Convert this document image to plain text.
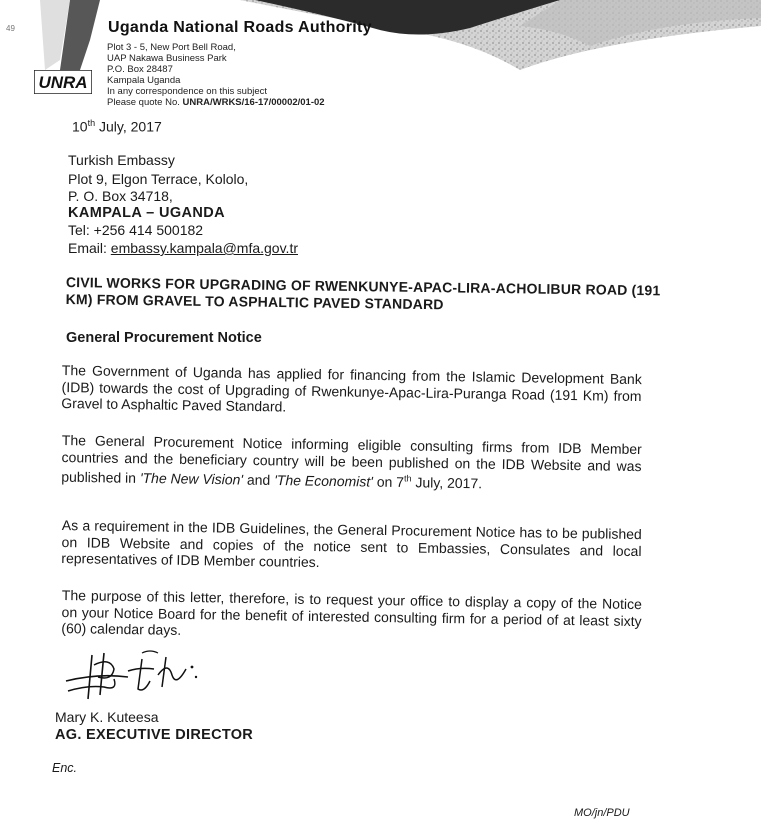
49	Uganda National Roads Authority
Plot 3 - 5, New Port Bell Road,
UAP Nakawa Business Park
P.O. Box 28487
Kampala Uganda
In any correspondence on this subject
Please quote No. UNRA/WRKS/16-17/00002/01-02
UNRA
10th July, 2017
Turkish Embassy
Plot 9, Elgon Terrace, Kololo,
P. O. Box 34718,
KAMPALA – UGANDA
Tel: +256 414 500182
Email: embassy.kampala@mfa.gov.tr
CIVIL WORKS FOR UPGRADING OF RWENKUNYE-APAC-LIRA-ACHOLIBUR ROAD (191 KM) FROM GRAVEL TO ASPHALTIC PAVED STANDARD
General Procurement Notice
The Government of Uganda has applied for financing from the Islamic Development Bank (IDB) towards the cost of Upgrading of Rwenkunye-Apac-Lira-Puranga Road (191 Km) from Gravel to Asphaltic Paved Standard.
The General Procurement Notice informing eligible consulting firms from IDB Member countries and the beneficiary country will be been published on the IDB Website and was published in 'The New Vision' and 'The Economist' on 7th July, 2017.
As a requirement in the IDB Guidelines, the General Procurement Notice has to be published on IDB Website and copies of the notice sent to Embassies, Consulates and local representatives of IDB Member countries.
The purpose of this letter, therefore, is to request your office to display a copy of the Notice on your Notice Board for the benefit of interested consulting firm for a period of at least sixty (60) calendar days.
Mary K. Kuteesa
AG. EXECUTIVE DIRECTOR
Enc.
MO/jn/PDU
